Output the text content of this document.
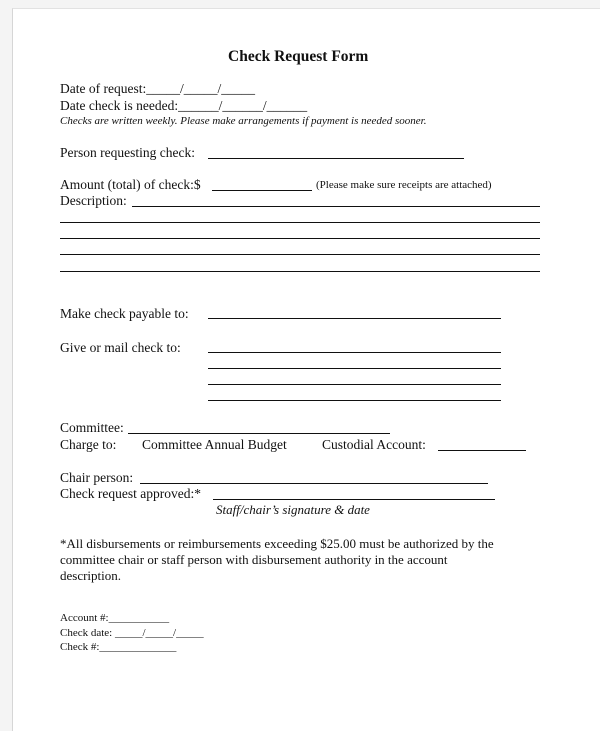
Check Request Form
Date of request:_____/_____/_____
Date check is needed:______/______/______
Checks are written weekly. Please make arrangements if payment is needed sooner.
Person requesting check:
Amount (total) of check:$	(Please make sure receipts are attached)
Description:
Make check payable to:
Give or mail check to:
Committee:
Charge to: Committee Annual Budget	Custodial Account:
Chair person:
Check request approved:*
Staff/chair’s signature & date
*All disbursements or reimbursements exceeding $25.00 must be authorized by the
committee chair or staff person with disbursement authority in the account
description.
Account #:___________
Check date: _____/_____/_____
Check #:______________
